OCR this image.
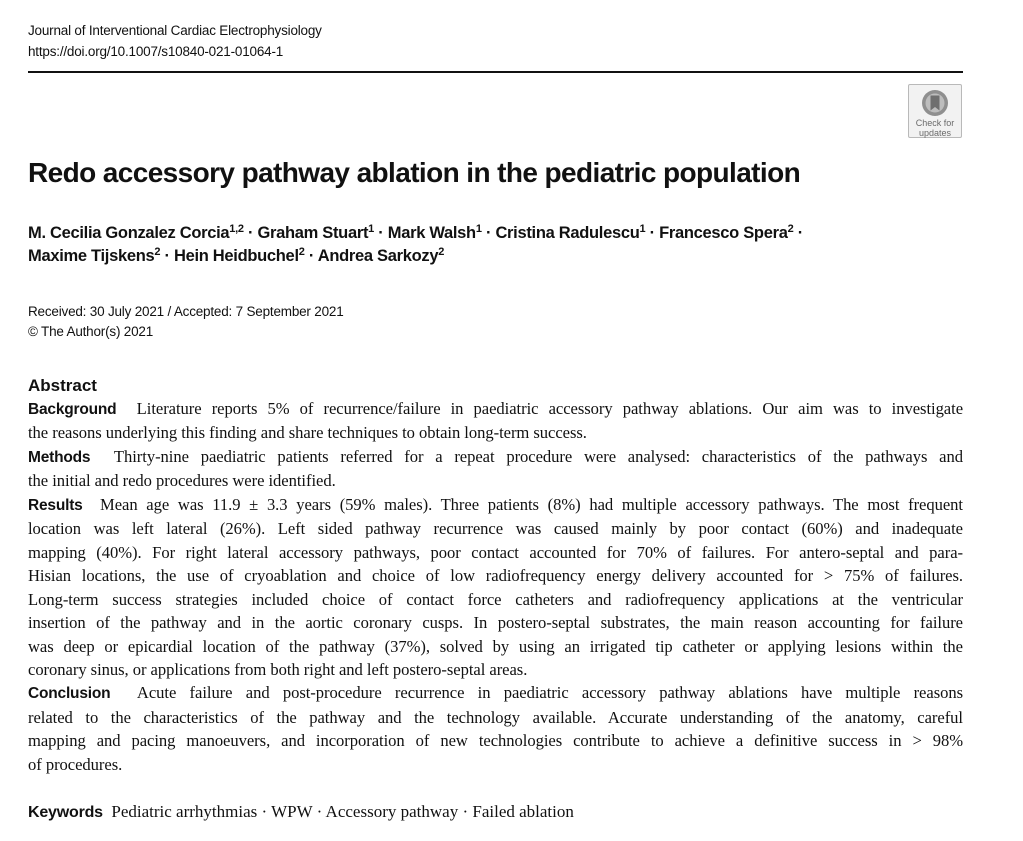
Journal of Interventional Cardiac Electrophysiology
https://doi.org/10.1007/s10840-021-01064-1
Check for
updates
Redo accessory pathway ablation in the pediatric population
M. Cecilia Gonzalez Corcia$^{1,2}$ · Graham Stuart$^1$ · Mark Walsh$^1$ · Cristina Radulescu$^1$ · Francesco Spera$^2$ ·
Maxime Tijskens$^2$ · Hein Heidbuchel$^2$ · Andrea Sarkozy$^2$
Received: 30 July 2021 / Accepted: 7 September 2021
© The Author(s) 2021
Abstract
Background Literature reports 5% of recurrence/failure in paediatric accessory pathway ablations. Our aim was to investigate
the reasons underlying this finding and share techniques to obtain long-term success.
Methods Thirty-nine paediatric patients referred for a repeat procedure were analysed: characteristics of the pathways and
the initial and redo procedures were identified.
Results Mean age was 11.9 ± 3.3 years (59% males). Three patients (8%) had multiple accessory pathways. The most frequent
location was left lateral (26%). Left sided pathway recurrence was caused mainly by poor contact (60%) and inadequate
mapping (40%). For right lateral accessory pathways, poor contact accounted for 70% of failures. For antero-septal and para-
Hisian locations, the use of cryoablation and choice of low radiofrequency energy delivery accounted for > 75% of failures.
Long-term success strategies included choice of contact force catheters and radiofrequency applications at the ventricular
insertion of the pathway and in the aortic coronary cusps. In postero-septal substrates, the main reason accounting for failure
was deep or epicardial location of the pathway (37%), solved by using an irrigated tip catheter or applying lesions within the
coronary sinus, or applications from both right and left postero-septal areas.
Conclusion Acute failure and post-procedure recurrence in paediatric accessory pathway ablations have multiple reasons
related to the characteristics of the pathway and the technology available. Accurate understanding of the anatomy, careful
mapping and pacing manoeuvers, and incorporation of new technologies contribute to achieve a definitive success in > 98%
of procedures.
Keywords Pediatric arrhythmias · WPW · Accessory pathway · Failed ablation
